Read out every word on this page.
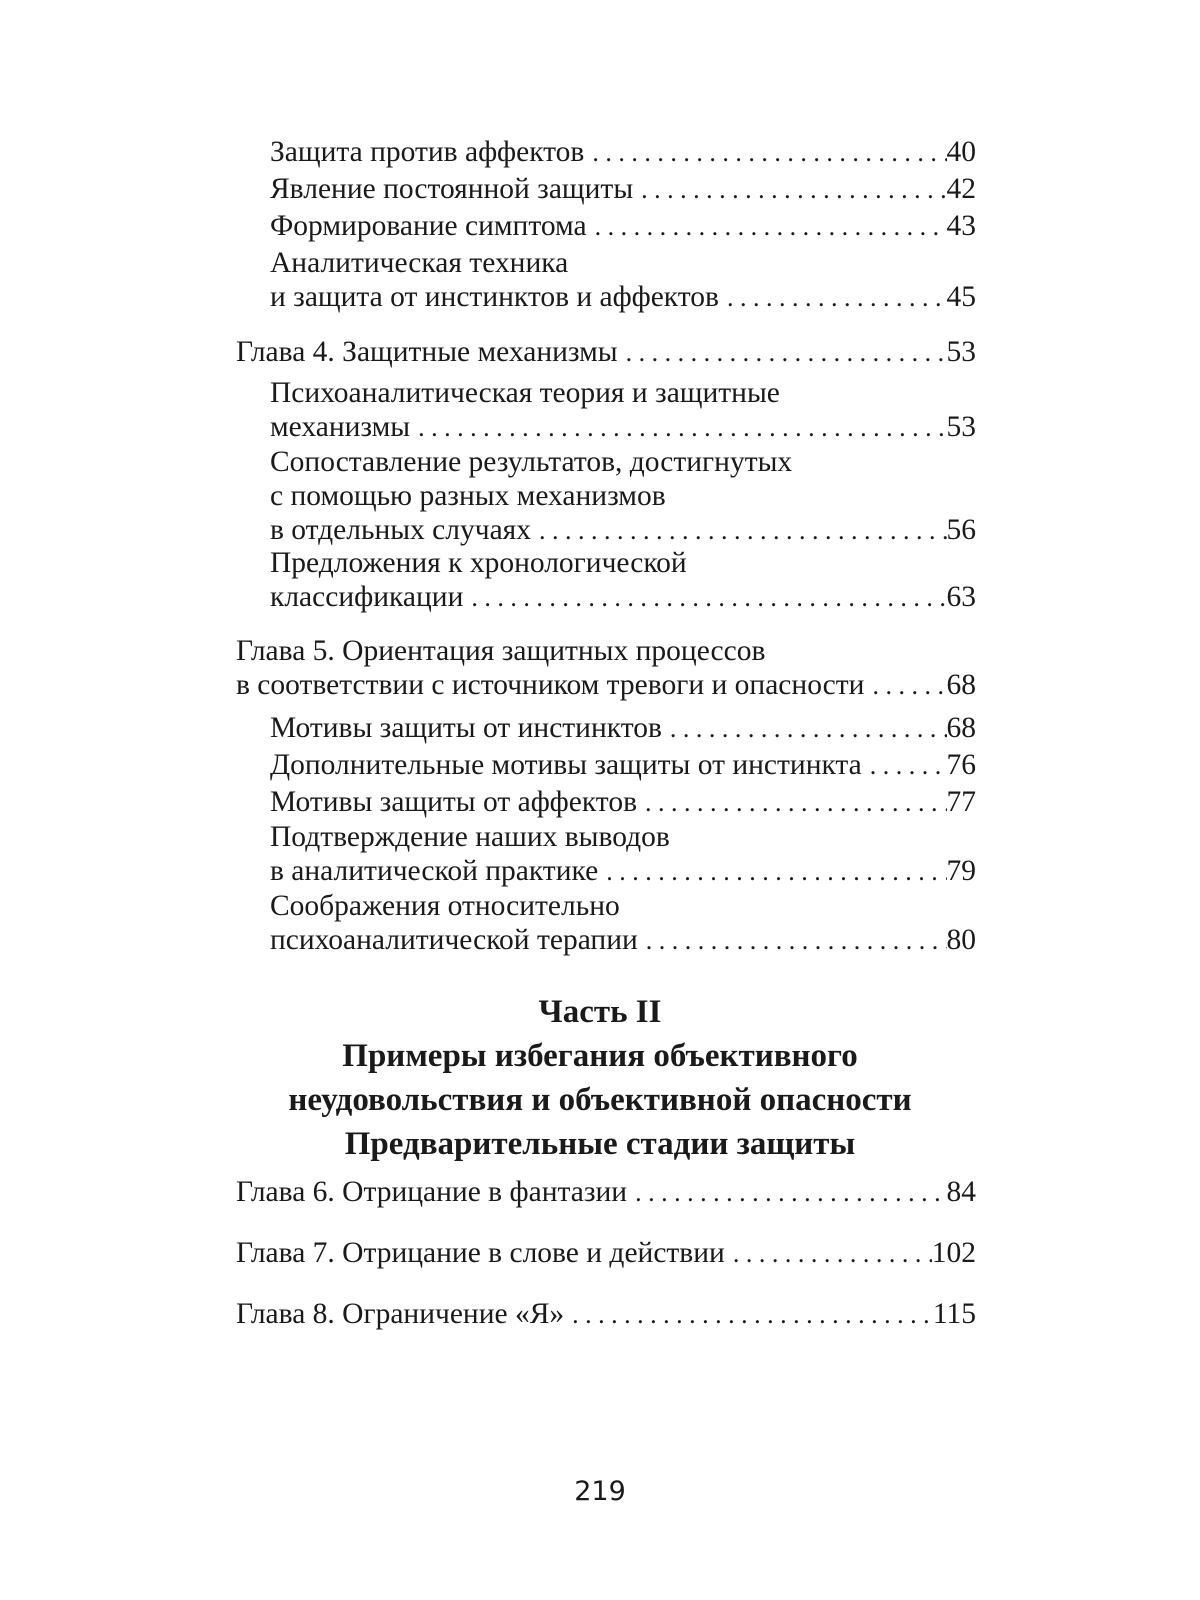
Защита против аффектов . . .	40
Явление постоянной защиты . . .	42
Формирование симптома . . .	43
Аналитическая техника
и защита от инстинктов и аффектов . . .	45
Глава 4. Защитные механизмы . . .	53
Психоаналитическая теория и защитные
механизмы . . .	53
Сопоставление результатов, достигнутых
с помощью разных механизмов
в отдельных случаях . . .	56
Предложения к хронологической
классификации . . .	63
Глава 5. Ориентация защитных процессов
в соответствии с источником тревоги и опасности . . .	68
Мотивы защиты от инстинктов . . .	68
Дополнительные мотивы защиты от инстинкта . . .	76
Мотивы защиты от аффектов . . .	77
Подтверждение наших выводов
в аналитической практике . . .	79
Соображения относительно
психоаналитической терапии . . .	80
Часть II
Примеры избегания объективного
неудовольствия и объективной опасности
Предварительные стадии защиты
Глава 6. Отрицание в фантазии . . .	84
Глава 7. Отрицание в слове и действии . . .	102
Глава 8. Ограничение «Я» . . .	115
219
